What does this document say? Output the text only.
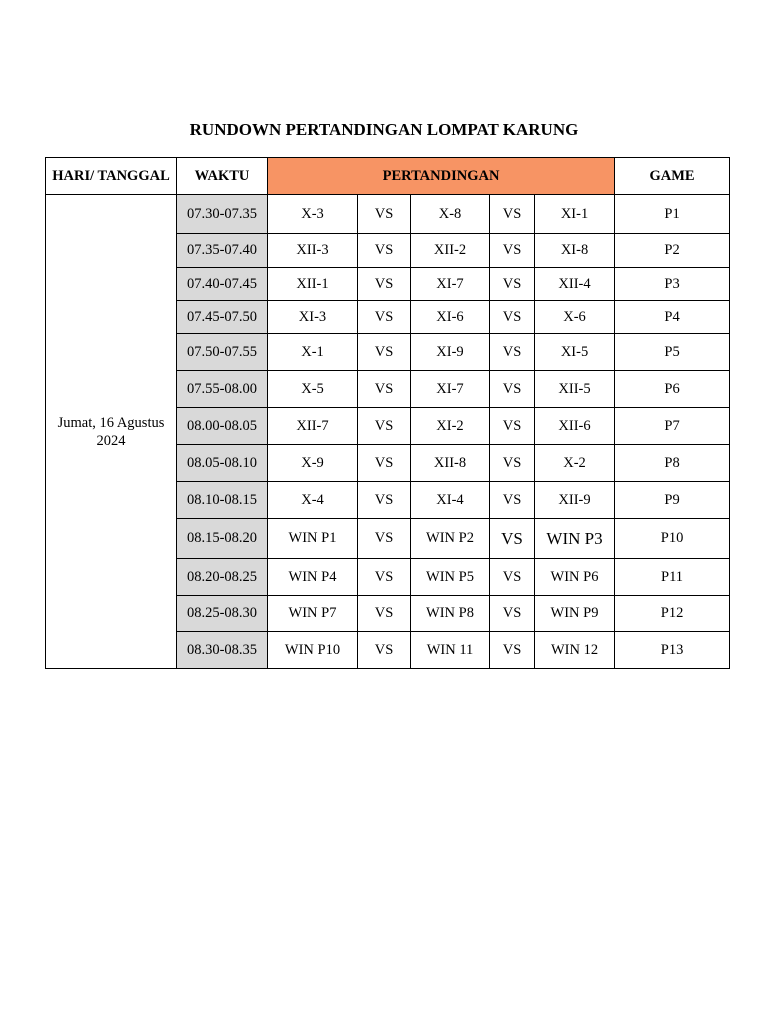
RUNDOWN PERTANDINGAN LOMPAT KARUNG
HARI/ TANGGAL	WAKTU	PERTANDINGAN					GAME
Jumat, 16 Agustus 2024	07.30-07.35	X-3	VS	X-8	VS	XI-1	P1
	07.35-07.40	XII-3	VS	XII-2	VS	XI-8	P2
	07.40-07.45	XII-1	VS	XI-7	VS	XII-4	P3
	07.45-07.50	XI-3	VS	XI-6	VS	X-6	P4
	07.50-07.55	X-1	VS	XI-9	VS	XI-5	P5
	07.55-08.00	X-5	VS	XI-7	VS	XII-5	P6
	08.00-08.05	XII-7	VS	XI-2	VS	XII-6	P7
	08.05-08.10	X-9	VS	XII-8	VS	X-2	P8
	08.10-08.15	X-4	VS	XI-4	VS	XII-9	P9
	08.15-08.20	WIN P1	VS	WIN P2	VS	WIN P3	P10
	08.20-08.25	WIN P4	VS	WIN P5	VS	WIN P6	P11
	08.25-08.30	WIN P7	VS	WIN P8	VS	WIN P9	P12
	08.30-08.35	WIN P10	VS	WIN 11	VS	WIN 12	P13
